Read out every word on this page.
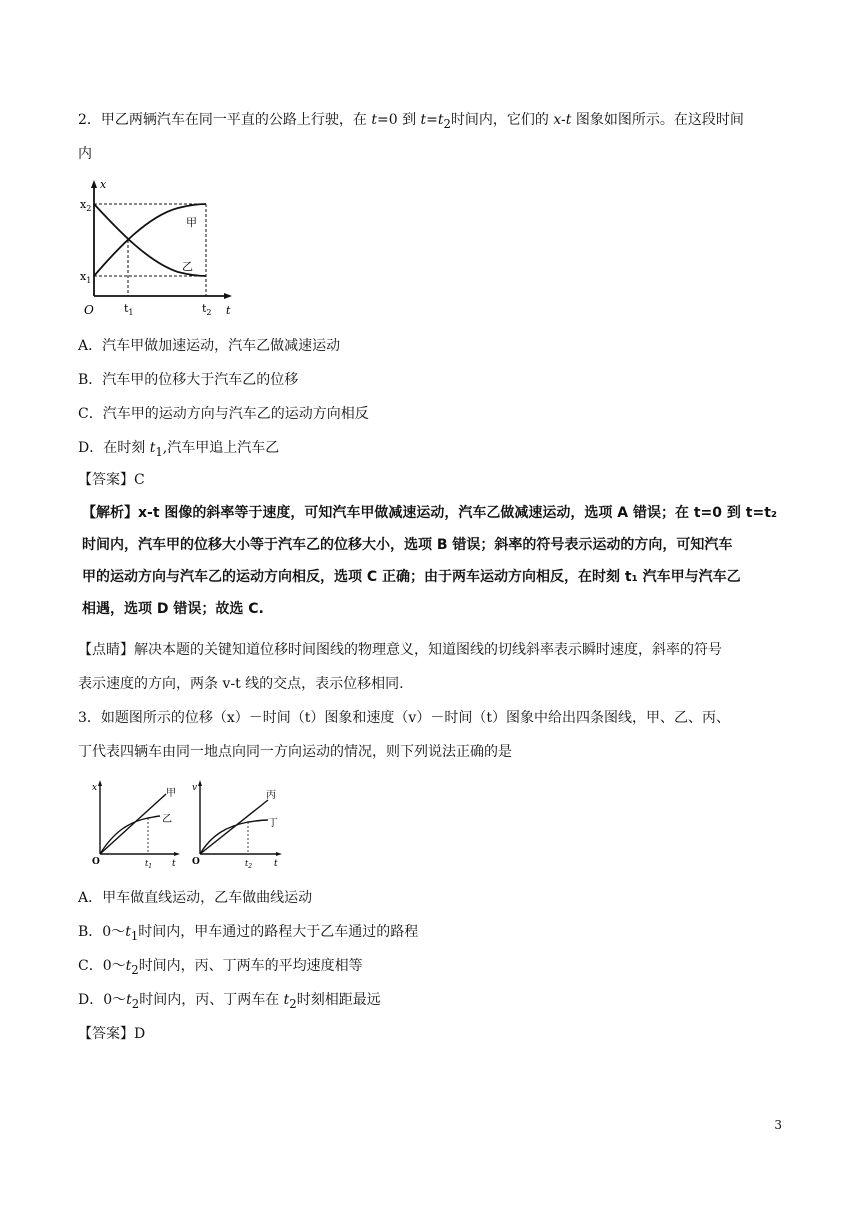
2．甲乙两辆汽车在同一平直的公路上行驶，在 t=0 到 $t=t_2$时间内，它们的 x-t 图象如图所示。在这段时间
内
x
t
O
$x_2$
$x_1$
$t_1$	$t_2$
甲
乙
A．汽车甲做加速运动，汽车乙做减速运动
B．汽车甲的位移大于汽车乙的位移
C．汽车甲的运动方向与汽车乙的运动方向相反
D．在时刻 $t_1$,汽车甲追上汽车乙
【答案】C
【解析】x-t 图像的斜率等于速度，可知汽车甲做减速运动，汽车乙做减速运动，选项 A 错误；在 t=0 到 t=t₂
时间内，汽车甲的位移大小等于汽车乙的位移大小，选项 B 错误；斜率的符号表示运动的方向，可知汽车
甲的运动方向与汽车乙的运动方向相反，选项 C 正确；由于两车运动方向相反，在时刻 t₁ 汽车甲与汽车乙
相遇，选项 D 错误；故选 C.
【点睛】解决本题的关键知道位移时间图线的物理意义，知道图线的切线斜率表示瞬时速度，斜率的符号
表示速度的方向，两条 v-t 线的交点，表示位移相同.
3．如题图所示的位移（x）－时间（t）图象和速度（v）－时间（t）图象中给出四条图线，甲、乙、丙、
丁代表四辆车由同一地点向同一方向运动的情况，则下列说法正确的是
x
t
O	$t_1$
甲
乙
v
t
O	$t_2$
丙
丁
A．甲车做直线运动，乙车做曲线运动
B．$0\sim t_1$时间内，甲车通过的路程大于乙车通过的路程
C．$0\sim t_2$时间内，丙、丁两车的平均速度相等
D．$0\sim t_2$时间内，丙、丁两车在 $t_2$时刻相距最远
【答案】D
3
